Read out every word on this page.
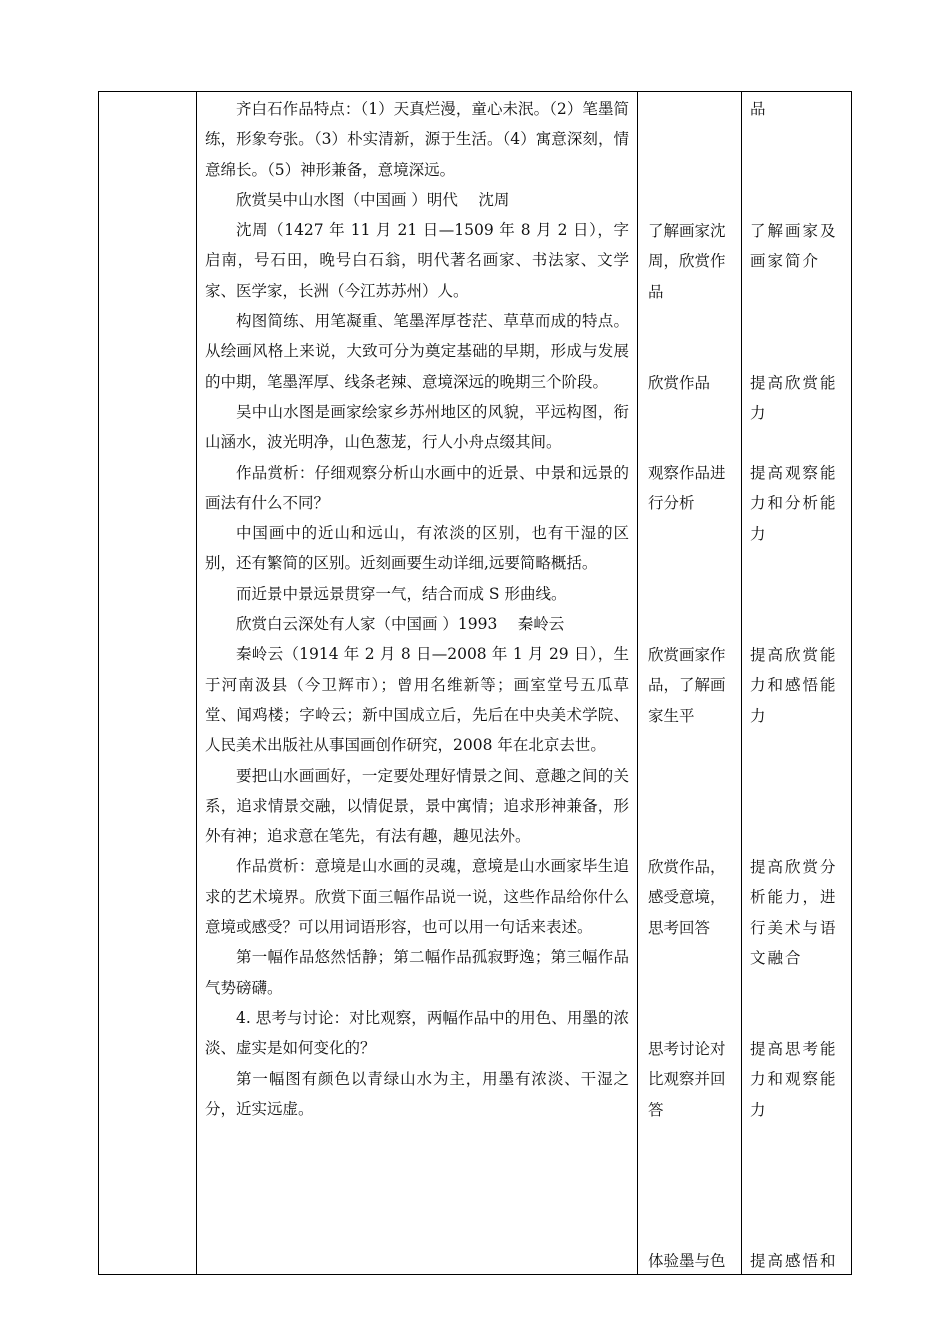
齐白石作品特点：（1）天真烂漫，童心未泯。（2）笔墨简练，形象夸张。（3）朴实清新，源于生活。（4）寓意深刻，情意绵长。（5）神形兼备，意境深远。

欣赏吴中山水图（中国画 ）明代　 沈周

沈周（1427 年 11 月 21 日—1509 年 8 月 2 日），字启南，号石田，晚号白石翁，明代著名画家、书法家、文学家、医学家，长洲（今江苏苏州）人。

构图简练、用笔凝重、笔墨浑厚苍茫、草草而成的特点。从绘画风格上来说，大致可分为奠定基础的早期，形成与发展的中期，笔墨浑厚、线条老辣、意境深远的晚期三个阶段。

吴中山水图是画家绘家乡苏州地区的风貌，平远构图，衔山涵水，波光明净，山色葱茏，行人小舟点缀其间。

作品赏析：仔细观察分析山水画中的近景、中景和远景的画法有什么不同？

中国画中的近山和远山，有浓淡的区别，也有干湿的区别，还有繁简的区别。近刻画要生动详细,远要简略概括。

而近景中景远景贯穿一气，结合而成 S 形曲线。

欣赏白云深处有人家（中国画 ）1993　 秦岭云

秦岭云（1914 年 2 月 8 日—2008 年 1 月 29 日），生于河南汲县（今卫辉市）；曾用名维新等；画室堂号五瓜草堂、闻鸡楼；字岭云；新中国成立后，先后在中央美术学院、人民美术出版社从事国画创作研究，2008 年在北京去世。

要把山水画画好，一定要处理好情景之间、意趣之间的关系，追求情景交融，以情促景，景中寓情；追求形神兼备，形外有神；追求意在笔先，有法有趣，趣见法外。

作品赏析：意境是山水画的灵魂，意境是山水画家毕生追求的艺术境界。欣赏下面三幅作品说一说，这些作品给你什么意境或感受？可以用词语形容，也可以用一句话来表述。

第一幅作品悠然恬静；第二幅作品孤寂野逸；第三幅作品气势磅礴。

4. 思考与讨论：对比观察，两幅作品中的用色、用墨的浓淡、虚实是如何变化的？

第一幅图有颜色以青绿山水为主，用墨有浓淡、干湿之分，近实远虚。

了解画家沈周，欣赏作品

欣赏作品

观察作品进行分析

欣赏画家作品，了解画家生平

欣赏作品，感受意境，思考回答

思考讨论对比观察并回答

体验墨与色

品

了解画家及画家简介

提高欣赏能力

提高观察能力和分析能力

提高欣赏能力和感悟能力

提高欣赏分析能力，进行美术与语文融合

提高思考能力和观察能力

提高感悟和
